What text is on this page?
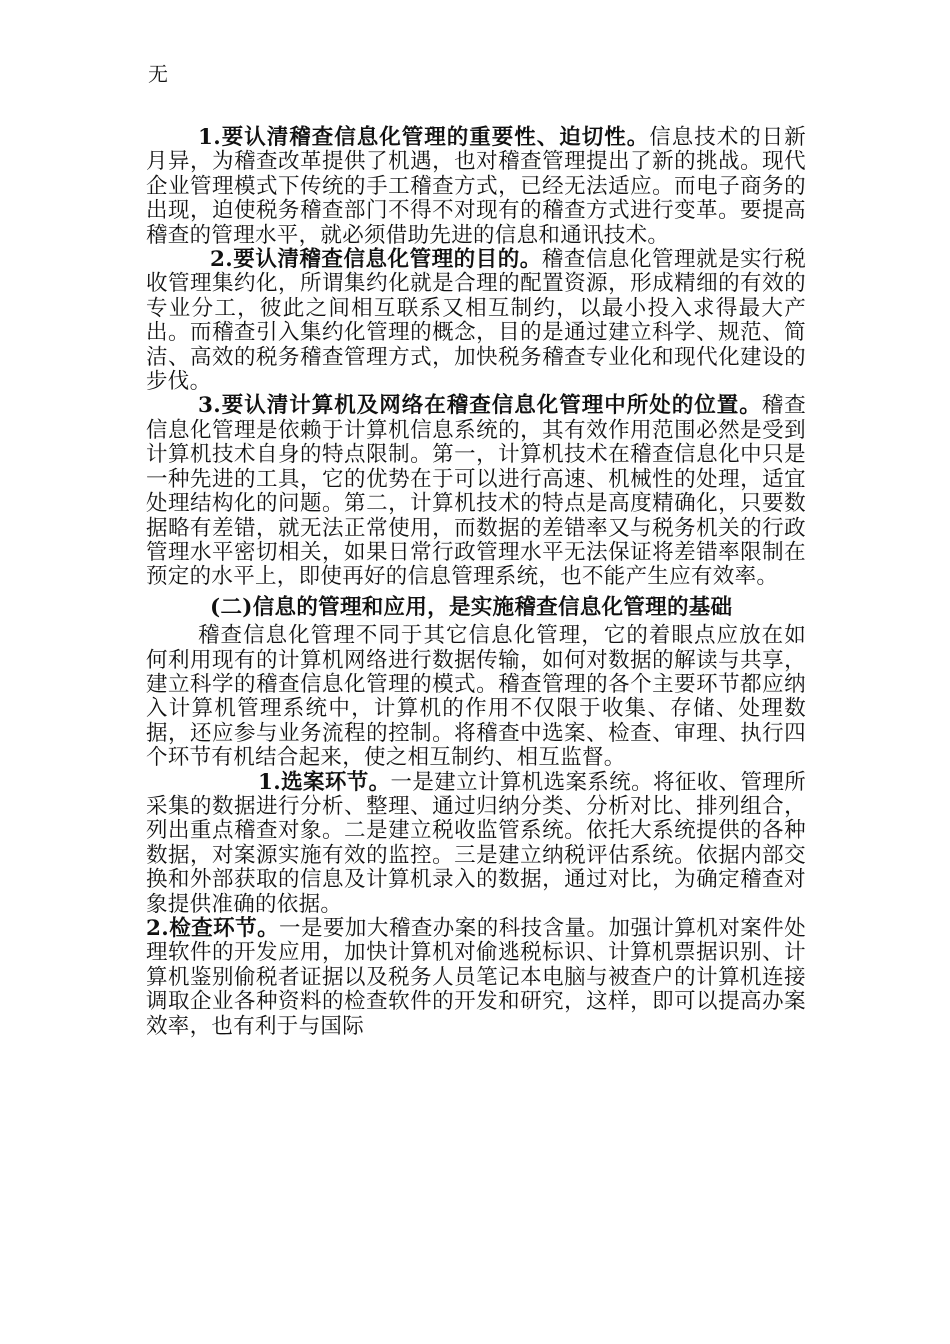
无

1.要认清稽查信息化管理的重要性、迫切性。信息技术的日新月异，为稽查改革提供了机遇，也对稽查管理提出了新的挑战。现代企业管理模式下传统的手工稽查方式，已经无法适应。而电子商务的出现，迫使税务稽查部门不得不对现有的稽查方式进行变革。要提高稽查的管理水平，就必须借助先进的信息和通讯技术。

2.要认清稽查信息化管理的目的。稽查信息化管理就是实行税收管理集约化，所谓集约化就是合理的配置资源，形成精细的有效的专业分工，彼此之间相互联系又相互制约，以最小投入求得最大产出。而稽查引入集约化管理的概念，目的是通过建立科学、规范、简洁、高效的税务稽查管理方式，加快税务稽查专业化和现代化建设的步伐。

3.要认清计算机及网络在稽查信息化管理中所处的位置。稽查信息化管理是依赖于计算机信息系统的，其有效作用范围必然是受到计算机技术自身的特点限制。第一，计算机技术在稽查信息化中只是一种先进的工具，它的优势在于可以进行高速、机械性的处理，适宜处理结构化的问题。第二，计算机技术的特点是高度精确化，只要数据略有差错，就无法正常使用，而数据的差错率又与税务机关的行政管理水平密切相关，如果日常行政管理水平无法保证将差错率限制在预定的水平上，即使再好的信息管理系统，也不能产生应有效率。

(二)信息的管理和应用，是实施稽查信息化管理的基础

稽查信息化管理不同于其它信息化管理，它的着眼点应放在如何利用现有的计算机网络进行数据传输，如何对数据的解读与共享，建立科学的稽查信息化管理的模式。稽查管理的各个主要环节都应纳入计算机管理系统中，计算机的作用不仅限于收集、存储、处理数据，还应参与业务流程的控制。将稽查中选案、检查、审理、执行四个环节有机结合起来，使之相互制约、相互监督。

1.选案环节。一是建立计算机选案系统。将征收、管理所采集的数据进行分析、整理、通过归纳分类、分析对比、排列组合，列出重点稽查对象。二是建立税收监管系统。依托大系统提供的各种数据，对案源实施有效的监控。三是建立纳税评估系统。依据内部交换和外部获取的信息及计算机录入的数据，通过对比，为确定稽查对象提供准确的依据。

2.检查环节。一是要加大稽查办案的科技含量。加强计算机对案件处理软件的开发应用，加快计算机对偷逃税标识、计算机票据识别、计算机鉴别偷税者证据以及税务人员笔记本电脑与被查户的计算机连接调取企业各种资料的检查软件的开发和研究，这样，即可以提高办案效率，也有利于与国际
